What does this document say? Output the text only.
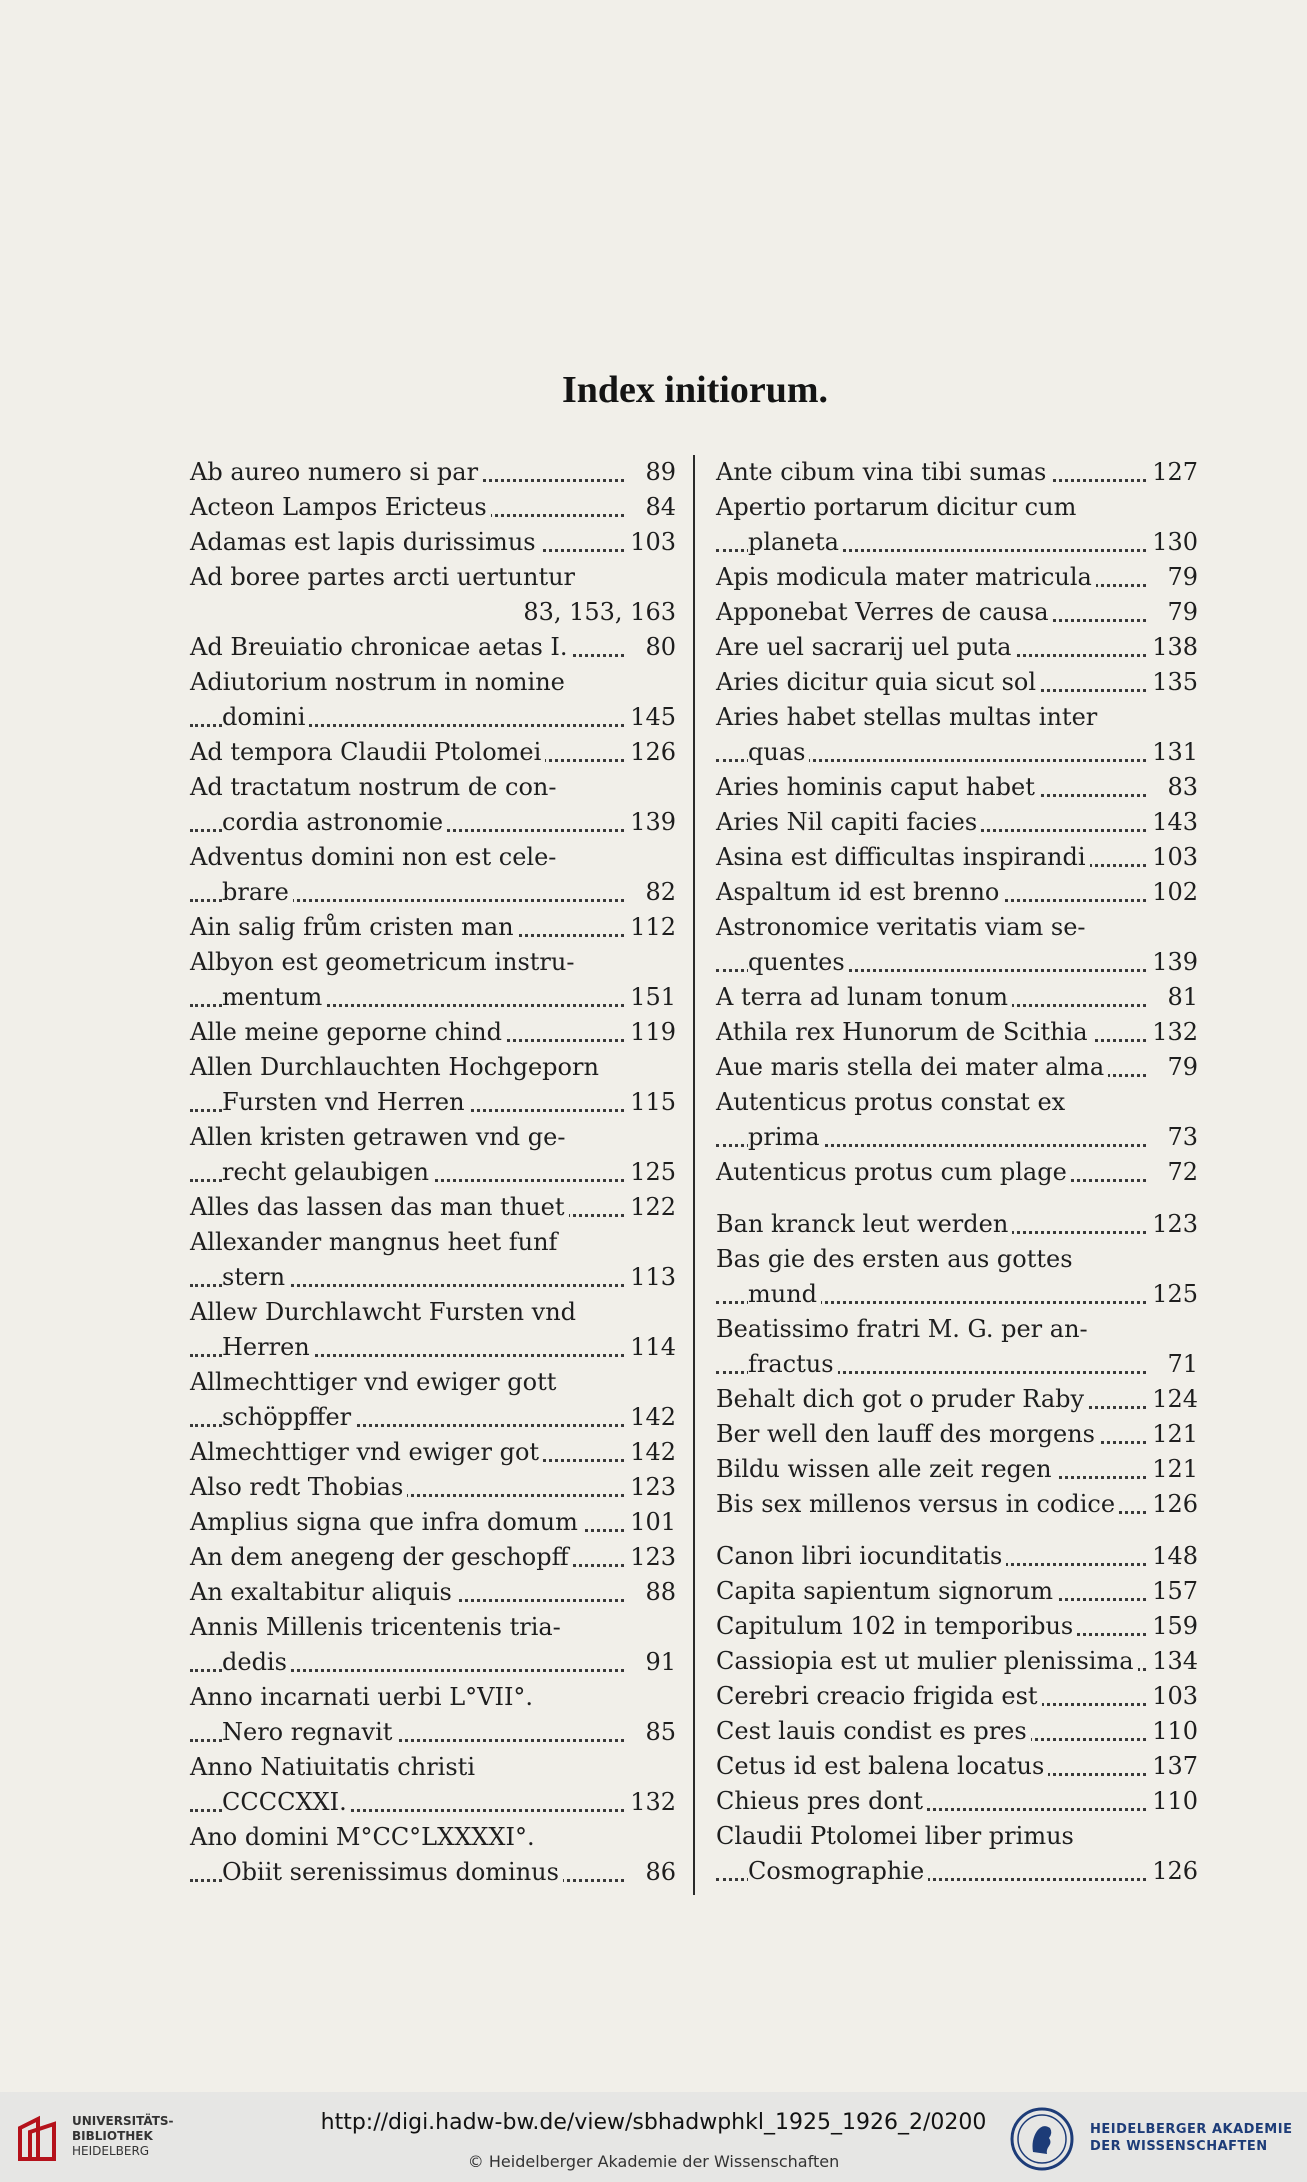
Index initiorum.
Ab aureo numero si par	89
Acteon Lampos Ericteus	84
Adamas est lapis durissimus	103
Ad boree partes arcti uertuntur
83, 153, 163
Ad Breuiatio chronicae aetas I.	80
Adiutorium nostrum in nomine
domini	145
Ad tempora Claudii Ptolomei	126
Ad tractatum nostrum de con-
cordia astronomie	139
Adventus domini non est cele-
brare	82
Ain salig frům cristen man	112
Albyon est geometricum instru-
mentum	151
Alle meine geporne chind	119
Allen Durchlauchten Hochgeporn
Fursten vnd Herren	115
Allen kristen getrawen vnd ge-
recht gelaubigen	125
Alles das lassen das man thuet	122
Allexander mangnus heet funf
stern	113
Allew Durchlawcht Fursten vnd
Herren	114
Allmechttiger vnd ewiger gott
schöppffer	142
Almechttiger vnd ewiger got	142
Also redt Thobias	123
Amplius signa que infra domum 101
An dem anegeng der geschopff	123
An exaltabitur aliquis	88
Annis Millenis tricentenis tria-
dedis	91
Anno incarnati uerbi L°VII°.
Nero regnavit	85
Anno Natiuitatis christi
CCCCXXI.	132
Ano domini M°CC°LXXXXI°.
Obiit serenissimus dominus	86
Ante cibum vina tibi sumas	127
Apertio portarum dicitur cum
planeta	130
Apis modicula mater matricula	79
Apponebat Verres de causa	79
Are uel sacrarij uel puta	138
Aries dicitur quia sicut sol	135
Aries habet stellas multas inter
quas	131
Aries hominis caput habet	83
Aries Nil capiti facies	143
Asina est difficultas inspirandi	103
Aspaltum id est brenno	102
Astronomice veritatis viam se-
quentes	139
A terra ad lunam tonum	81
Athila rex Hunorum de Scithia	132
Aue maris stella dei mater alma	79
Autenticus protus constat ex
prima	73
Autenticus protus cum plage	72
Ban kranck leut werden	123
Bas gie des ersten aus gottes
mund	125
Beatissimo fratri M. G. per an-
fractus	71
Behalt dich got o pruder Raby	124
Ber well den lauff des morgens 121
Bildu wissen alle zeit regen	121
Bis sex millenos versus in codice 126
Canon libri iocunditatis	148
Capita sapientum signorum	157
Capitulum 102 in temporibus	159
Cassiopia est ut mulier plenissima 134
Cerebri creacio frigida est	103
Cest lauis condist es pres	110
Cetus id est balena locatus	137
Chieus pres dont	110
Claudii Ptolomei liber primus
Cosmographie	126
UNIVERSITÄTS-
BIBLIOTHEK
HEIDELBERG
http://digi.hadw-bw.de/view/sbhadwphkl_1925_1926_2/0200
© Heidelberger Akademie der Wissenschaften
HEIDELBERGER AKADEMIE
DER WISSENSCHAFTEN
